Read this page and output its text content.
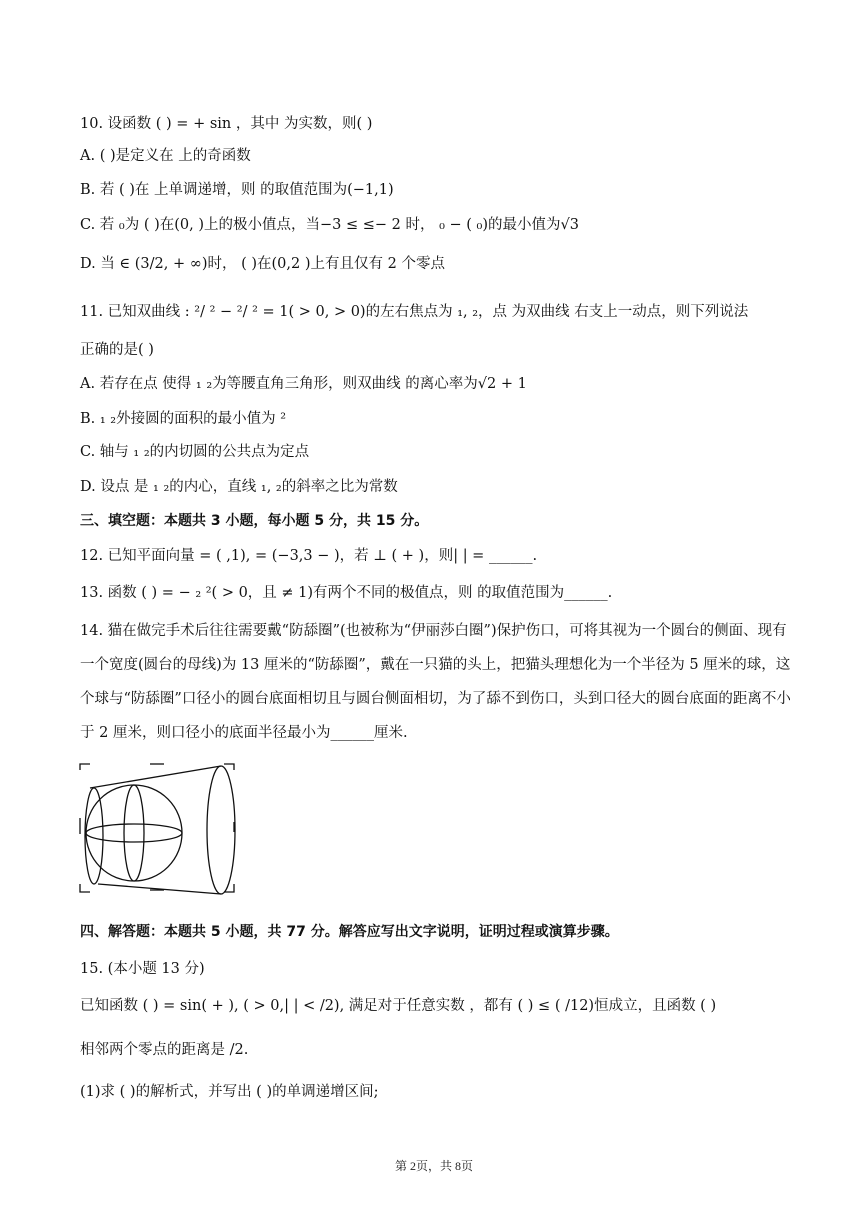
10. 设函数 ( ) = + sin ，其中 为实数，则( )
A. ( )是定义在 上的奇函数
B. 若 ( )在 上单调递增，则 的取值范围为(−1,1)
C. 若 ₀为 ( )在(0, )上的极小值点，当−3 ≤ ≤− 2 时， ₀ − ( ₀)的最小值为√3
D. 当 ∈ (3/2, + ∞)时， ( )在(0,2 )上有且仅有 2 个零点
11. 已知双曲线 : ²/ ² − ²/ ² = 1( > 0, > 0)的左右焦点为 ₁, ₂，点 为双曲线 右支上一动点，则下列说法
正确的是( )
A. 若存在点 使得 ₁ ₂为等腰直角三角形，则双曲线 的离心率为√2 + 1
B. ₁ ₂外接圆的面积的最小值为 ²
C. 轴与 ₁ ₂的内切圆的公共点为定点
D. 设点 是 ₁ ₂的内心，直线 ₁, ₂的斜率之比为常数
三、填空题：本题共 3 小题，每小题 5 分，共 15 分。
12. 已知平面向量 = ( ,1), = (−3,3 − )，若 ⊥ ( + )，则| | = ______.
13. 函数 ( ) = − ₂ ²( > 0，且 ≠ 1)有两个不同的极值点，则 的取值范围为______.
14. 猫在做完手术后往往需要戴“防舔圈”(也被称为“伊丽莎白圈”)保护伤口，可将其视为一个圆台的侧面、现有一个宽度(圆台的母线)为 13 厘米的“防舔圈”，戴在一只猫的头上，把猫头理想化为一个半径为 5 厘米的球，这个球与“防舔圈”口径小的圆台底面相切且与圆台侧面相切，为了舔不到伤口，头到口径大的圆台底面的距离不小于 2 厘米，则口径小的底面半径最小为______厘米.
四、解答题：本题共 5 小题，共 77 分。解答应写出文字说明，证明过程或演算步骤。
15. (本小题 13 分)
已知函数 ( ) = sin( + ), ( > 0,| | < /2), 满足对于任意实数 ，都有 ( ) ≤ ( /12)恒成立，且函数 ( )
相邻两个零点的距离是 /2.
(1)求 ( )的解析式，并写出 ( )的单调递增区间;
第 2页，共 8页
